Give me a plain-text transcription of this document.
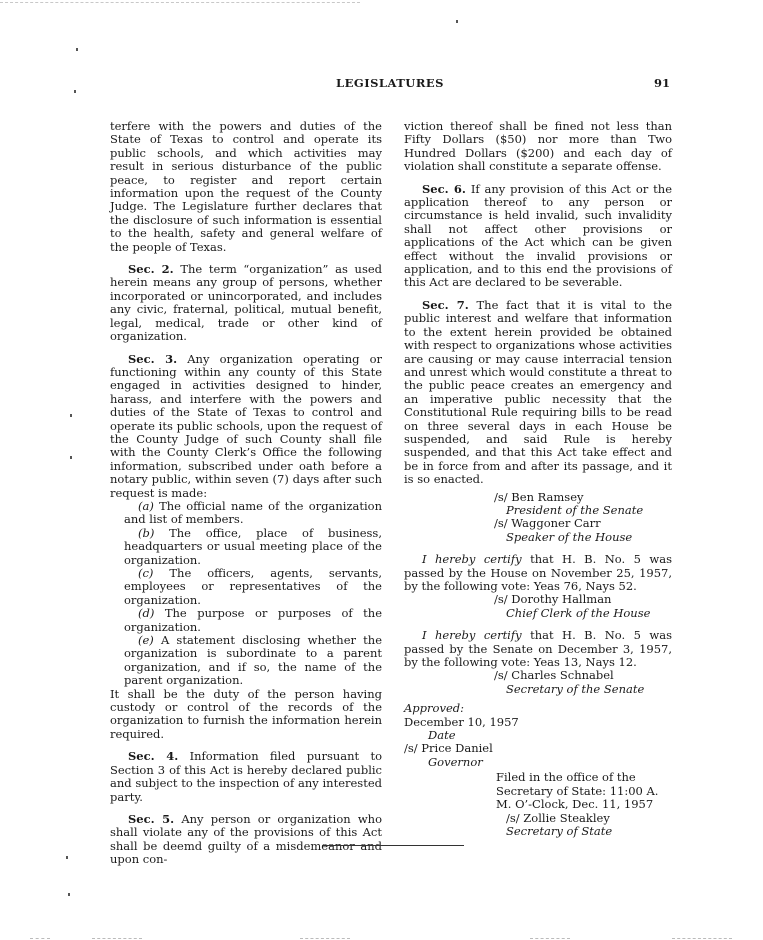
LEGISLATURES	91

terfere with the powers and duties of the State of Texas to control and operate its public schools, and which activities may result in serious disturbance of the public peace, to register and report certain information upon the request of the County Judge. The Legislature further declares that the disclosure of such information is essential to the health, safety and general welfare of the people of Texas.

Sec. 2. The term “organization” as used herein means any group of persons, whether incorporated or unincorporated, and includes any civic, fraternal, political, mutual benefit, legal, medical, trade or other kind of organization.

Sec. 3. Any organization operating or functioning within any county of this State engaged in activities designed to hinder, harass, and interfere with the powers and duties of the State of Texas to control and operate its public schools, upon the request of the County Judge of such County shall file with the County Clerk’s Office the following information, subscribed under oath before a notary public, within seven (7) days after such request is made:

(a) The official name of the organization and list of members.

(b) The office, place of business, headquarters or usual meeting place of the organization.

(c) The officers, agents, servants, employees or representatives of the organization.

(d) The purpose or purposes of the organization.

(e) A statement disclosing whether the organization is subordinate to a parent organization, and if so, the name of the parent organization.

It shall be the duty of the person having custody or control of the records of the organization to furnish the information herein required.

Sec. 4. Information filed pursuant to Section 3 of this Act is hereby declared public and subject to the inspection of any interested party.

Sec. 5. Any person or organization who shall violate any of the provisions of this Act shall be deemd guilty of a misdemeanor and upon con-

viction thereof shall be fined not less than Fifty Dollars ($50) nor more than Two Hundred Dollars ($200) and each day of violation shall constitute a separate offense.

Sec. 6. If any provision of this Act or the application thereof to any person or circumstance is held invalid, such invalidity shall not affect other provisions or applications of the Act which can be given effect without the invalid provisions or application, and to this end the provisions of this Act are declared to be severable.

Sec. 7. The fact that it is vital to the public interest and welfare that information to the extent herein provided be obtained with respect to organizations whose activities are causing or may cause interracial tension and unrest which would constitute a threat to the public peace creates an emergency and an imperative public necessity that the Constitutional Rule requiring bills to be read on three several days in each House be suspended, and said Rule is hereby suspended, and that this Act take effect and be in force from and after its passage, and it is so enacted.

/s/ Ben Ramsey

President of the Senate

/s/ Waggoner Carr

Speaker of the House

I hereby certify that H. B. No. 5 was passed by the House on November 25, 1957, by the following vote: Yeas 76, Nays 52.

/s/ Dorothy Hallman

Chief Clerk of the House

I hereby certify that H. B. No. 5 was passed by the Senate on December 3, 1957, by the following vote: Yeas 13, Nays 12.

/s/ Charles Schnabel

Secretary of the Senate

Approved:

December 10, 1957

Date

/s/ Price Daniel

Governor

Filed in the office of the Secretary of State: 11:00 A. M. O’-Clock, Dec. 11, 1957

/s/ Zollie Steakley

Secretary of State
